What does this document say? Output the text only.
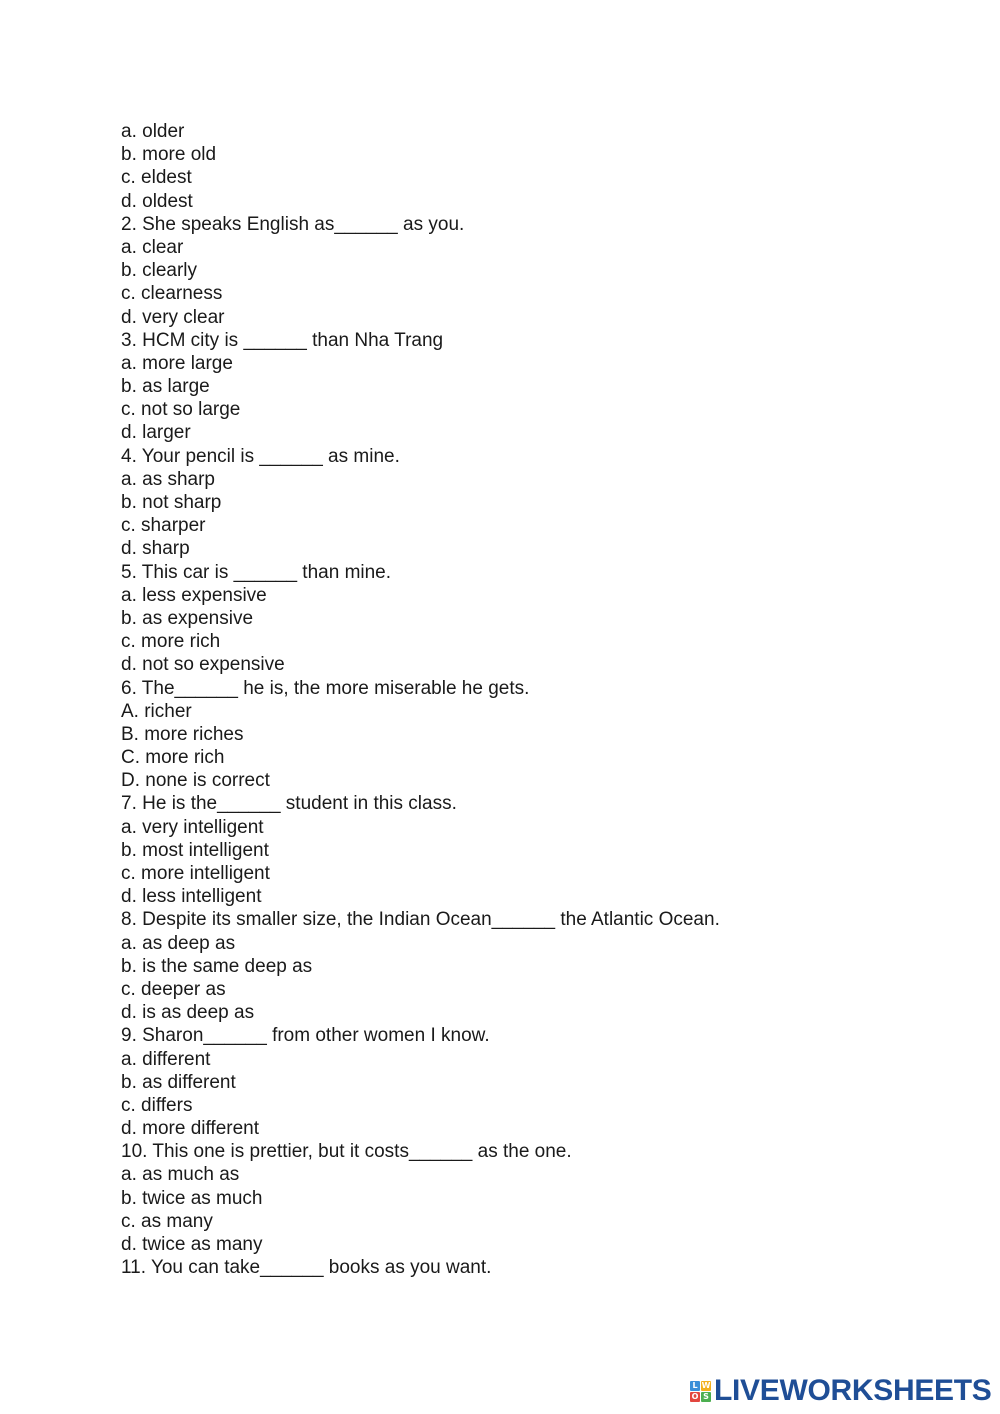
a. older
b. more old
c. eldest
d. oldest
2. She speaks English as______ as you.
a. clear
b. clearly
c. clearness
d. very clear
3. HCM city is ______ than Nha Trang
a. more large
b. as large
c. not so large
d. larger
4. Your pencil is ______ as mine.
a. as sharp
b. not sharp
c. sharper
d. sharp
5. This car is ______ than mine.
a. less expensive
b. as expensive
c. more rich
d. not so expensive
6. The______ he is, the more miserable he gets.
A. richer
B. more riches
C. more rich
D. none is correct
7. He is the______ student in this class.
a. very intelligent
b. most intelligent
c. more intelligent
d. less intelligent
8. Despite its smaller size, the Indian Ocean______ the Atlantic Ocean.
a. as deep as
b. is the same deep as
c. deeper as
d. is as deep as
9. Sharon______ from other women I know.
a. different
b. as different
c. differs
d. more different
10. This one is prettier, but it costs______ as the one.
a. as much as
b. twice as much
c. as many
d. twice as many
11. You can take______ books as you want.
L W
O S LIVEWORKSHEETS
